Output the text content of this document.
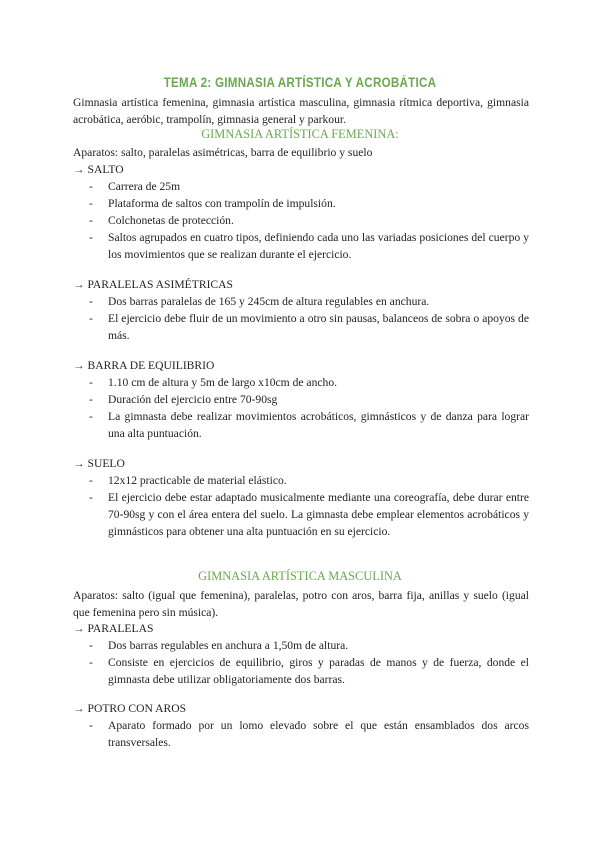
TEMA 2: GIMNASIA ARTÍSTICA Y ACROBÁTICA
Gimnasia artística femenina, gimnasia artística masculina, gimnasia rítmica deportiva, gimnasia acrobática, aeróbic, trampolín, gimnasia general y parkour.
GIMNASIA ARTÍSTICA FEMENINA:
Aparatos: salto, paralelas asimétricas, barra de equilibrio y suelo
→ SALTO
- Carrera de 25m
- Plataforma de saltos con trampolín de impulsión.
- Colchonetas de protección.
- Saltos agrupados en cuatro tipos, definiendo cada uno las variadas posiciones del cuerpo y los movimientos que se realizan durante el ejercicio.
→ PARALELAS ASIMÉTRICAS
- Dos barras paralelas de 165 y 245cm de altura regulables en anchura.
- El ejercicio debe fluir de un movimiento a otro sin pausas, balanceos de sobra o apoyos de más.
→ BARRA DE EQUILIBRIO
- 1.10 cm de altura y 5m de largo x10cm de ancho.
- Duración del ejercicio entre 70-90sg
- La gimnasta debe realizar movimientos acrobáticos, gimnásticos y de danza para lograr una alta puntuación.
→ SUELO
- 12x12 practicable de material elástico.
- El ejercicio debe estar adaptado musicalmente mediante una coreografía, debe durar entre 70-90sg y con el área entera del suelo. La gimnasta debe emplear elementos acrobáticos y gimnásticos para obtener una alta puntuación en su ejercicio.
GIMNASIA ARTÍSTICA MASCULINA
Aparatos: salto (igual que femenina), paralelas, potro con aros, barra fija, anillas y suelo (igual que femenina pero sin música).
→ PARALELAS
- Dos barras regulables en anchura a 1,50m de altura.
- Consiste en ejercicios de equilibrio, giros y paradas de manos y de fuerza, donde el gimnasta debe utilizar obligatoriamente dos barras.
→ POTRO CON AROS
- Aparato formado por un lomo elevado sobre el que están ensamblados dos arcos transversales.
